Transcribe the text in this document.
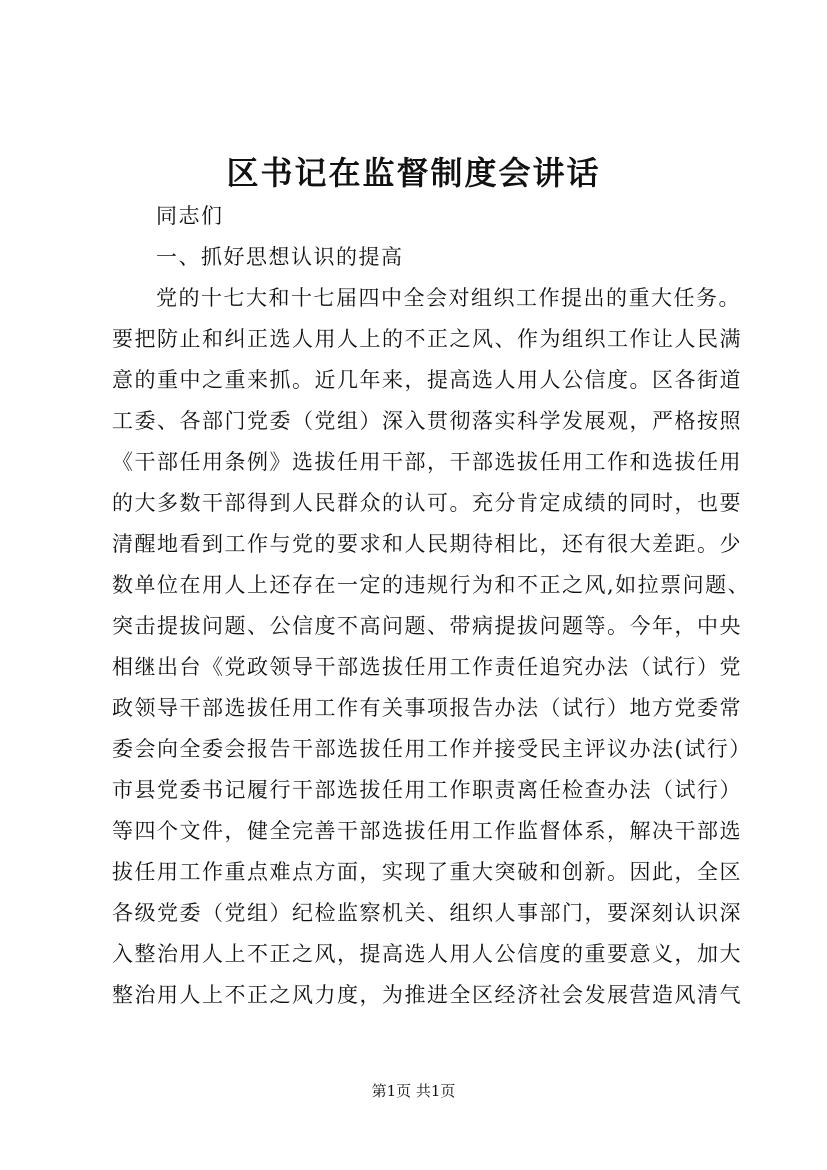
区书记在监督制度会讲话
同志们
一、抓好思想认识的提高
党的十七大和十七届四中全会对组织工作提出的重大任务。
要把防止和纠正选人用人上的不正之风、作为组织工作让人民满
意的重中之重来抓。近几年来，提高选人用人公信度。区各街道
工委、各部门党委（党组）深入贯彻落实科学发展观，严格按照
《干部任用条例》选拔任用干部，干部选拔任用工作和选拔任用
的大多数干部得到人民群众的认可。充分肯定成绩的同时，也要
清醒地看到工作与党的要求和人民期待相比，还有很大差距。少
数单位在用人上还存在一定的违规行为和不正之风,如拉票问题、
突击提拔问题、公信度不高问题、带病提拔问题等。今年，中央
相继出台《党政领导干部选拔任用工作责任追究办法（试行）党
政领导干部选拔任用工作有关事项报告办法（试行）地方党委常
委会向全委会报告干部选拔任用工作并接受民主评议办法(试行）
市县党委书记履行干部选拔任用工作职责离任检查办法（试行）
等四个文件，健全完善干部选拔任用工作监督体系，解决干部选
拔任用工作重点难点方面，实现了重大突破和创新。因此，全区
各级党委（党组）纪检监察机关、组织人事部门，要深刻认识深
入整治用人上不正之风，提高选人用人公信度的重要意义，加大
整治用人上不正之风力度，为推进全区经济社会发展营造风清气
第1页 共1页
